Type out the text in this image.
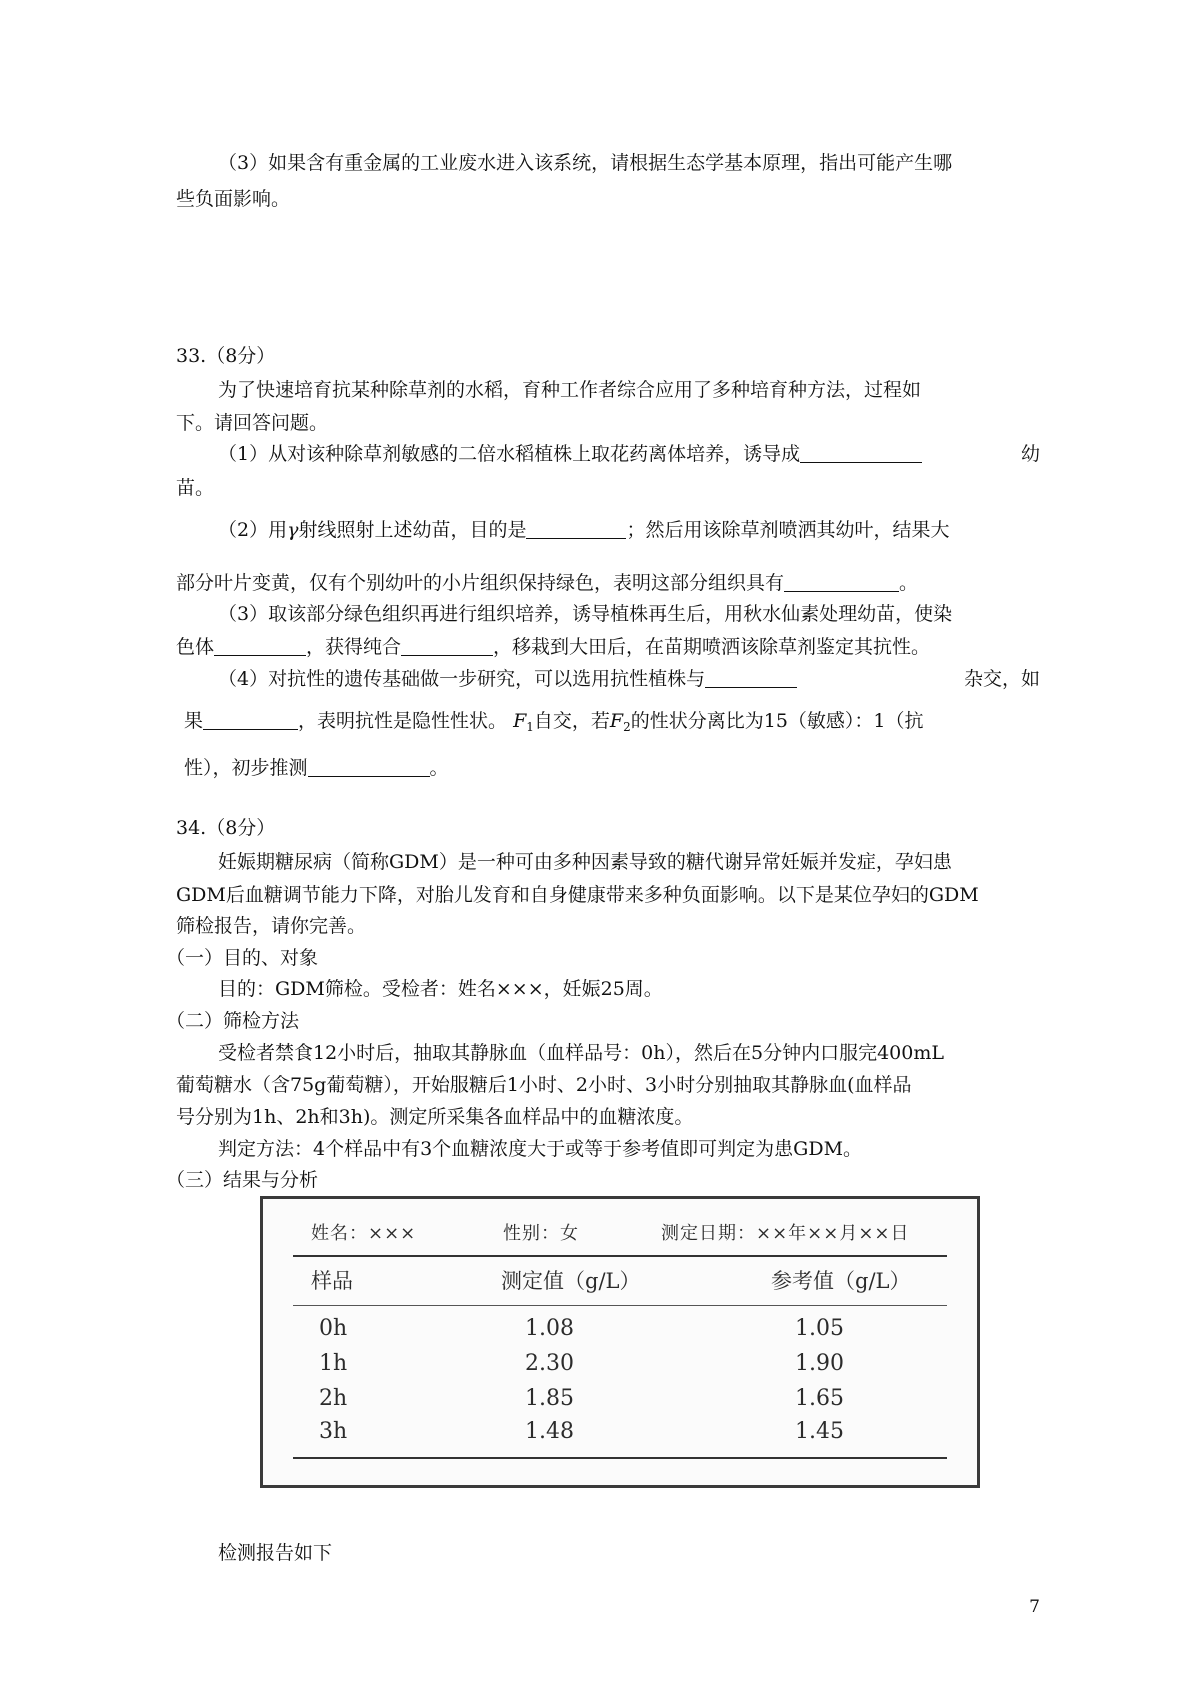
（3）如果含有重金属的工业废水进入该系统，请根据生态学基本原理，指出可能产生哪
些负面影响。
33.（8分）
为了快速培育抗某种除草剂的水稻，育种工作者综合应用了多种培育种方法，过程如
下。请回答问题。
（1）从对该种除草剂敏感的二倍水稻植株上取花药离体培养，诱导成	幼
苗。
（2）用γ射线照射上述幼苗，目的是	；然后用该除草剂喷洒其幼叶，结果大
部分叶片变黄，仅有个别幼叶的小片组织保持绿色，表明这部分组织具有	。
（3）取该部分绿色组织再进行组织培养，诱导植株再生后，用秋水仙素处理幼苗，使染
色体	，获得纯合	，移栽到大田后，在苗期喷洒该除草剂鉴定其抗性。
（4）对抗性的遗传基础做一步研究，可以选用抗性植株与	杂交，如
果	，表明抗性是隐性性状。 $F_1$自交，若$F_2$的性状分离比为15（敏感）：1（抗
性），初步推测	。
34.（8分）
妊娠期糖尿病（简称GDM）是一种可由多种因素导致的糖代谢异常妊娠并发症，孕妇患
GDM后血糖调节能力下降，对胎儿发育和自身健康带来多种负面影响。以下是某位孕妇的GDM
筛检报告，请你完善。
（一）目的、对象
目的：GDM筛检。受检者：姓名×××，妊娠25周。
（二）筛检方法
受检者禁食12小时后，抽取其静脉血（血样品号：0h），然后在5分钟内口服完400mL
葡萄糖水（含75g葡萄糖），开始服糖后1小时、2小时、3小时分别抽取其静脉血(血样品
号分别为1h、2h和3h)。测定所采集各血样品中的血糖浓度。
判定方法：4个样品中有3个血糖浓度大于或等于参考值即可判定为患GDM。
（三）结果与分析
姓名：×××	性别：女	测定日期：××年××月××日
样品	测定值（g/L）	参考值（g/L）
0h	1.08	1.05
1h	2.30	1.90
2h	1.85	1.65
3h	1.48	1.45
检测报告如下
7
